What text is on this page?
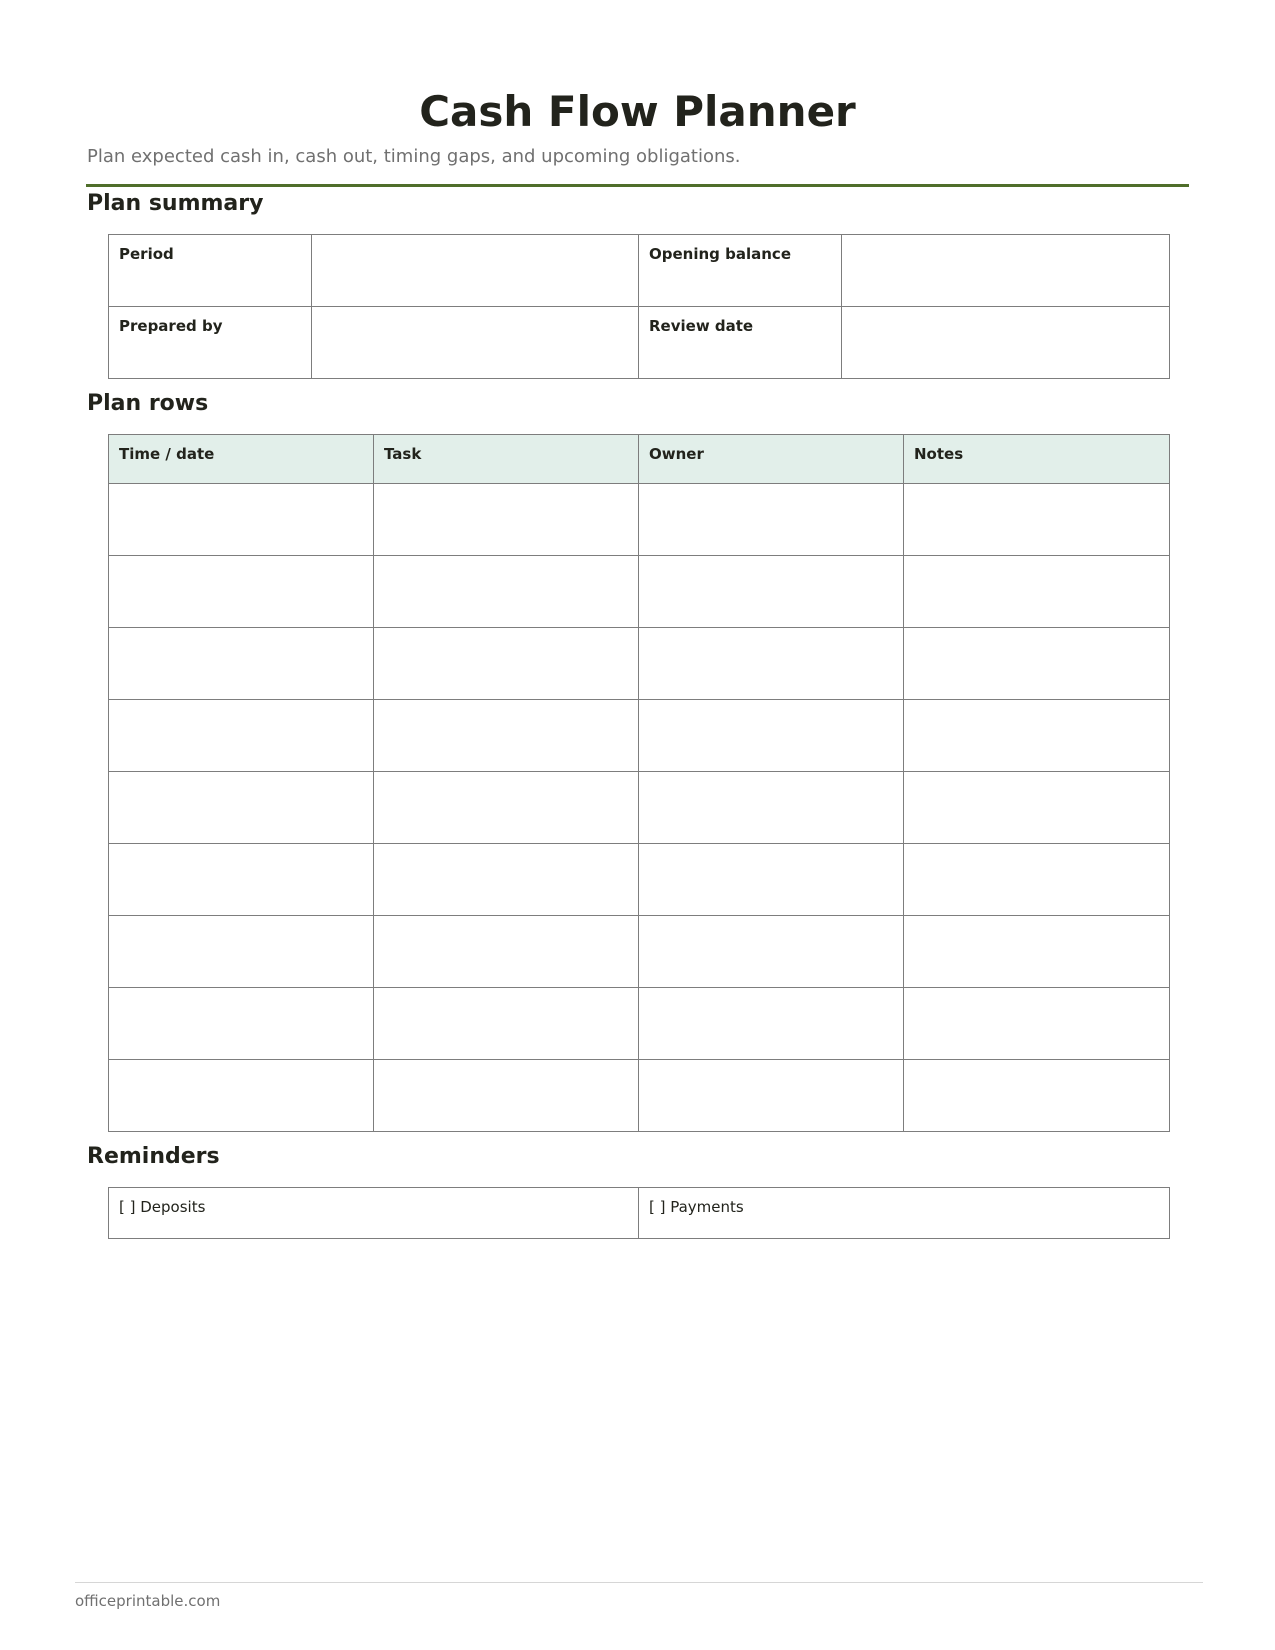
Cash Flow Planner
Plan expected cash in, cash out, timing gaps, and upcoming obligations.
Plan summary
Period		Opening balance	
Prepared by		Review date	
Plan rows
Time / date	Task	Owner	Notes

Reminders
[ ] Deposits	[ ] Payments
officeprintable.com
